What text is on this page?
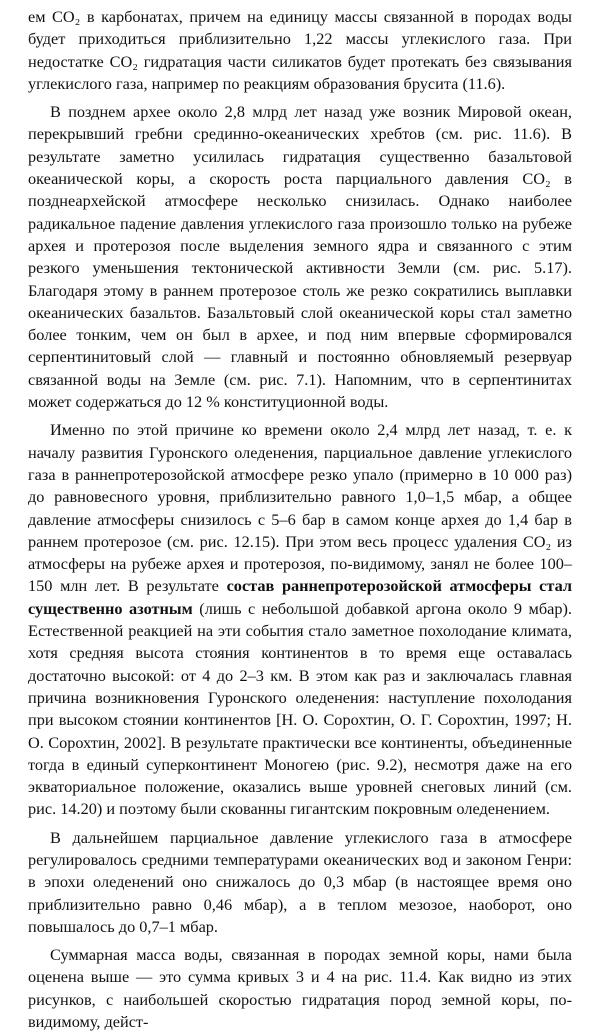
ем CO₂ в карбонатах, причем на единицу массы связанной в породах воды будет приходиться приблизительно 1,22 массы углекислого газа. При недостатке CO₂ гидратация части силикатов будет протекать без связывания углекислого газа, например по реакциям образования брусита (11.6).

В позднем архее около 2,8 млрд лет назад уже возник Мировой океан, перекрывший гребни срединно-океанических хребтов (см. рис. 11.6). В результате заметно усилилась гидратация существенно базальтовой океанической коры, а скорость роста парциального давления CO₂ в позднеархейской атмосфере несколько снизилась. Однако наиболее радикальное падение давления углекислого газа произошло только на рубеже архея и протерозоя после выделения земного ядра и связанного с этим резкого уменьшения тектонической активности Земли (см. рис. 5.17). Благодаря этому в раннем протерозое столь же резко сократились выплавки океанических базальтов. Базальтовый слой океанической коры стал заметно более тонким, чем он был в архее, и под ним впервые сформировался серпентинитовый слой — главный и постоянно обновляемый резервуар связанной воды на Земле (см. рис. 7.1). Напомним, что в серпентинитах может содержаться до 12 % конституционной воды.

Именно по этой причине ко времени около 2,4 млрд лет назад, т. е. к началу развития Гуронского оледенения, парциальное давление углекислого газа в раннепротерозойской атмосфере резко упало (примерно в 10 000 раз) до равновесного уровня, приблизительно равного 1,0–1,5 мбар, а общее давление атмосферы снизилось с 5–6 бар в самом конце архея до 1,4 бар в раннем протерозое (см. рис. 12.15). При этом весь процесс удаления CO₂ из атмосферы на рубеже архея и протерозоя, по-видимому, занял не более 100–150 млн лет. В результате состав раннепротерозойской атмосферы стал существенно азотным (лишь с небольшой добавкой аргона около 9 мбар). Естественной реакцией на эти события стало заметное похолодание климата, хотя средняя высота стояния континентов в то время еще оставалась достаточно высокой: от 4 до 2–3 км. В этом как раз и заключалась главная причина возникновения Гуронского оледенения: наступление похолодания при высоком стоянии континентов [Н. О. Сорохтин, О. Г. Сорохтин, 1997; Н. О. Сорохтин, 2002]. В результате практически все континенты, объединенные тогда в единый суперконтинент Моногею (рис. 9.2), несмотря даже на его экваториальное положение, оказались выше уровней снеговых линий (см. рис. 14.20) и поэтому были скованны гигантским покровным оледенением.

В дальнейшем парциальное давление углекислого газа в атмосфере регулировалось средними температурами океанических вод и законом Генри: в эпохи оледенений оно снижалось до 0,3 мбар (в настоящее время оно приблизительно равно 0,46 мбар), а в теплом мезозое, наоборот, оно повышалось до 0,7–1 мбар.

Суммарная масса воды, связанная в породах земной коры, нами была оценена выше — это сумма кривых 3 и 4 на рис. 11.4. Как видно из этих рисунков, с наибольшей скоростью гидратация пород земной коры, по-видимому, дейст-
